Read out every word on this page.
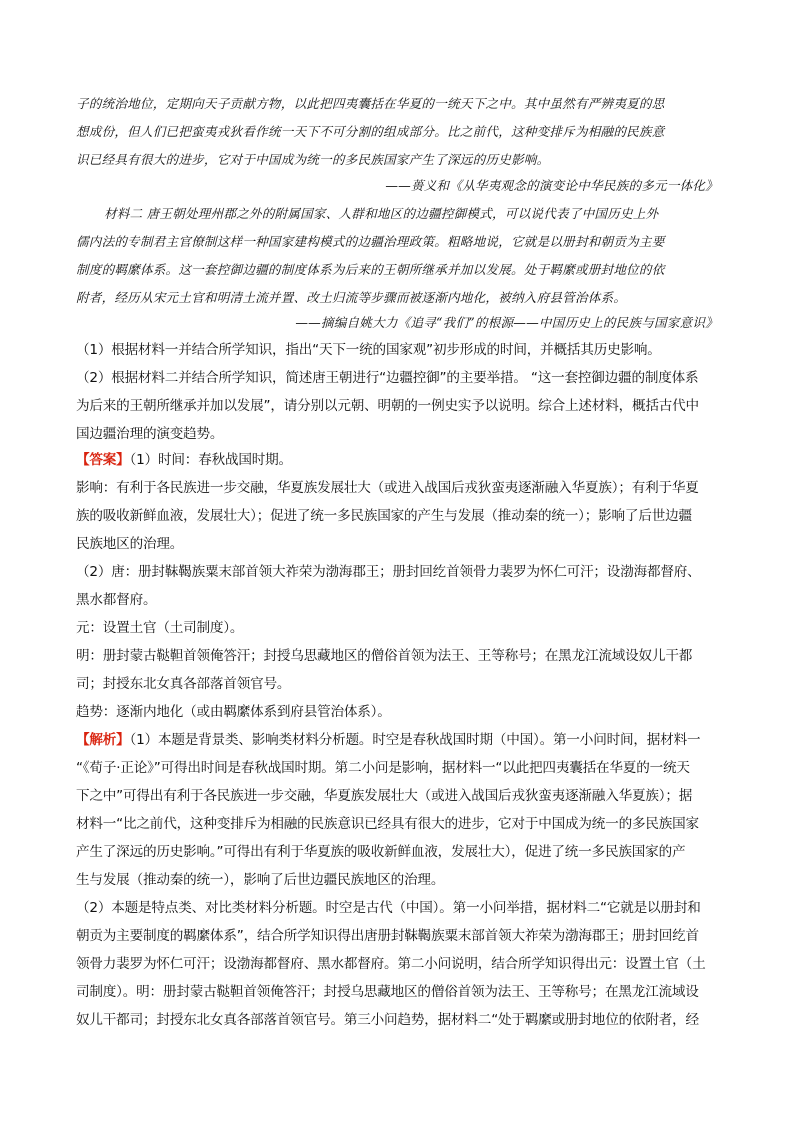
子的统治地位，定期向天子贡献方物，以此把四夷囊括在华夏的一统天下之中。其中虽然有严辨夷夏的思
想成份，但人们已把蛮夷戎狄看作统一天下不可分割的组成部分。比之前代，这种变排斥为相融的民族意
识已经具有很大的进步，它对于中国成为统一的多民族国家产生了深远的历史影响。
——蒉义和《从华夷观念的演变论中华民族的多元一体化》
材料二 唐王朝处理州郡之外的附属国家、人群和地区的边疆控御模式，可以说代表了中国历史上外
儒内法的专制君主官僚制这样一种国家建构模式的边疆治理政策。粗略地说，它就是以册封和朝贡为主要
制度的羁縻体系。这一套控御边疆的制度体系为后来的王朝所继承并加以发展。处于羁縻或册封地位的依
附者，经历从宋元土官和明清土流并置、改土归流等步骤而被逐渐内地化，被纳入府县管治体系。
——摘编自姚大力《追寻“我们”的根源——中国历史上的民族与国家意识》
（1）根据材料一并结合所学知识，指出“天下一统的国家观”初步形成的时间，并概括其历史影响。
（2）根据材料二并结合所学知识，简述唐王朝进行“边疆控御”的主要举措。 “这一套控御边疆的制度体系
为后来的王朝所继承并加以发展”，请分别以元朝、明朝的一例史实予以说明。综合上述材料，概括古代中
国边疆治理的演变趋势。
【答案】（1）时间：春秋战国时期。
影响：有利于各民族进一步交融，华夏族发展壮大（或进入战国后戎狄蛮夷逐渐融入华夏族）；有利于华夏
族的吸收新鲜血液，发展壮大）；促进了统一多民族国家的产生与发展（推动秦的统一）；影响了后世边疆
民族地区的治理。
（2）唐：册封靺鞨族粟末部首领大祚荣为渤海郡王；册封回纥首领骨力裴罗为怀仁可汗；设渤海都督府、
黑水都督府。
元：设置土官（土司制度）。
明：册封蒙古鞑靼首领俺答汗；封授乌思藏地区的僧俗首领为法王、王等称号；在黑龙江流域设奴儿干都
司；封授东北女真各部落首领官号。
趋势：逐渐内地化（或由羁縻体系到府县管治体系）。
【解析】（1）本题是背景类、影响类材料分析题。时空是春秋战国时期（中国）。第一小问时间，据材料一
“《荀子·正论》”可得出时间是春秋战国时期。第二小问是影响，据材料一“以此把四夷囊括在华夏的一统天
下之中”可得出有利于各民族进一步交融，华夏族发展壮大（或进入战国后戎狄蛮夷逐渐融入华夏族）；据
材料一“比之前代，这种变排斥为相融的民族意识已经具有很大的进步，它对于中国成为统一的多民族国家
产生了深远的历史影响。”可得出有利于华夏族的吸收新鲜血液，发展壮大），促进了统一多民族国家的产
生与发展（推动秦的统一），影响了后世边疆民族地区的治理。
（2）本题是特点类、对比类材料分析题。时空是古代（中国）。第一小问举措，据材料二“它就是以册封和
朝贡为主要制度的羁縻体系”，结合所学知识得出唐册封靺鞨族粟末部首领大祚荣为渤海郡王；册封回纥首
领骨力裴罗为怀仁可汗；设渤海都督府、黑水都督府。第二小问说明，结合所学知识得出元：设置土官（土
司制度）。明：册封蒙古鞑靼首领俺答汗；封授乌思藏地区的僧俗首领为法王、王等称号；在黑龙江流域设
奴儿干都司；封授东北女真各部落首领官号。第三小问趋势，据材料二“处于羁縻或册封地位的依附者，经
